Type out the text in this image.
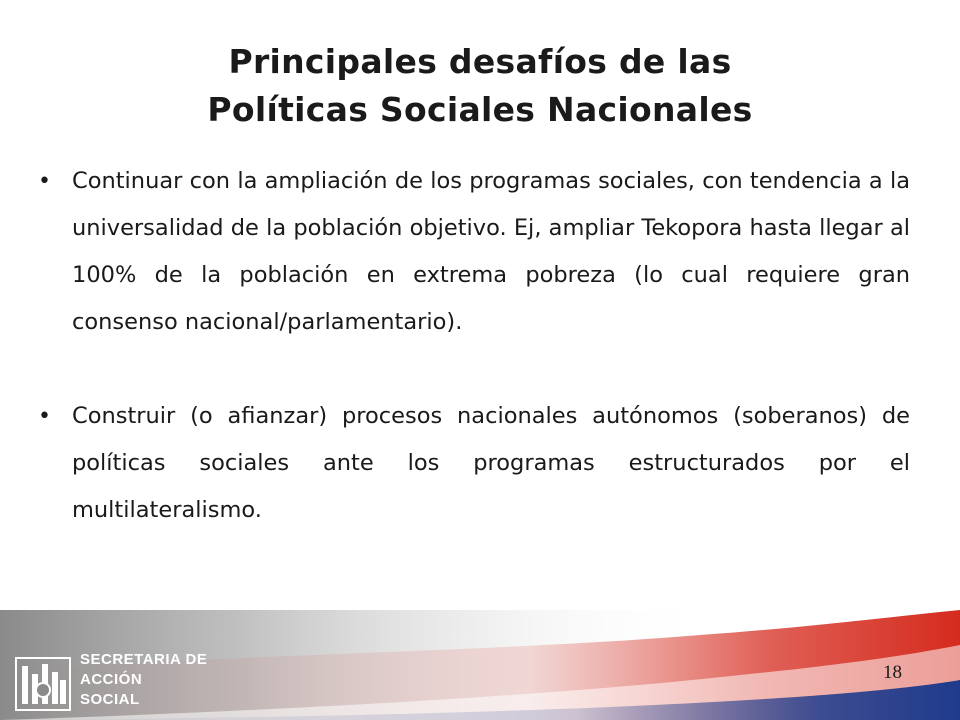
Principales desafíos de las
Políticas Sociales Nacionales
• Continuar con la ampliación de los programas sociales, con tendencia a la universalidad de la población objetivo. Ej, ampliar Tekopora hasta llegar al 100% de la población en extrema pobreza (lo cual requiere gran consenso nacional/parlamentario).
• Construir (o afianzar) procesos nacionales autónomos (soberanos) de políticas sociales ante los programas estructurados por el multilateralismo.
SECRETARIA DE
ACCIÓN
SOCIAL
18
